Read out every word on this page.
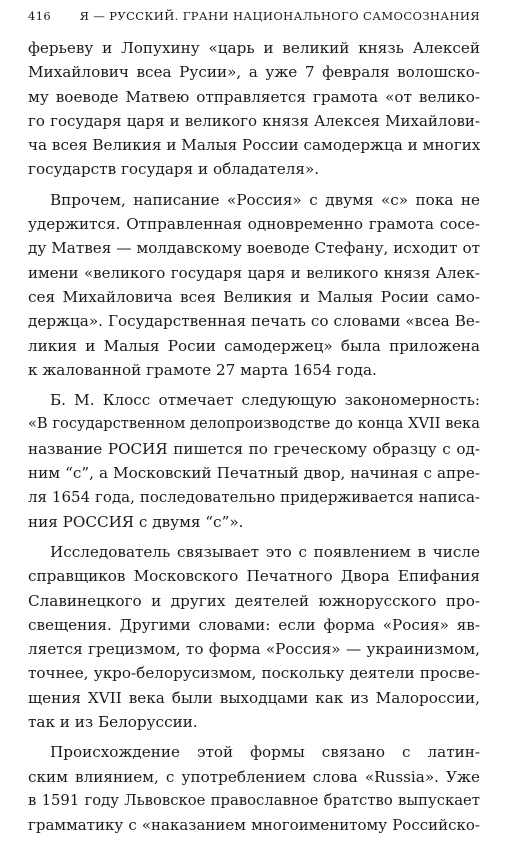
416 Я — РУССКИЙ. ГРАНИ НАЦИОНАЛЬНОГО САМОСОЗНАНИЯ

ферьеву и Лопухину «царь и великий князь Алексей
Михайлович всеа Русии», а уже 7 февраля волошско-
му воеводе Матвею отправляется грамота «от велико-
го государя царя и великого князя Алексея Михайлови-
ча всея Великия и Малыя России самодержца и многих
государств государя и обладателя».

Впрочем, написание «Россия» с двумя «с» пока не
удержится. Отправленная одновременно грамота сосе-
ду Матвея — молдавскому воеводе Стефану, исходит от
имени «великого государя царя и великого князя Алек-
сея Михайловича всея Великия и Малыя Росии само-
держца». Государственная печать со словами «всеа Ве-
ликия и Малыя Росии самодержец» была приложена
к жалованной грамоте 27 марта 1654 года.

Б. М. Клосс отмечает следующую закономерность:
«В государственном делопроизводстве до конца XVII века
название РОСИЯ пишется по греческому образцу с од-
ним “с”, а Московский Печатный двор, начиная с апре-
ля 1654 года, последовательно придерживается написа-
ния РОССИЯ с двумя “с”».

Исследователь связывает это с появлением в числе
справщиков Московского Печатного Двора Епифания
Славинецкого и других деятелей южнорусского про-
свещения. Другими словами: если форма «Росия» яв-
ляется грецизмом, то форма «Россия» — украинизмом,
точнее, укро-белорусизмом, поскольку деятели просве-
щения XVII века были выходцами как из Малороссии,
так и из Белоруссии.

Происхождение этой формы связано с латин-
ским влиянием, с употреблением слова «Russia». Уже
в 1591 году Львовское православное братство выпускает
грамматику с «наказанием многоименитому Российско-
